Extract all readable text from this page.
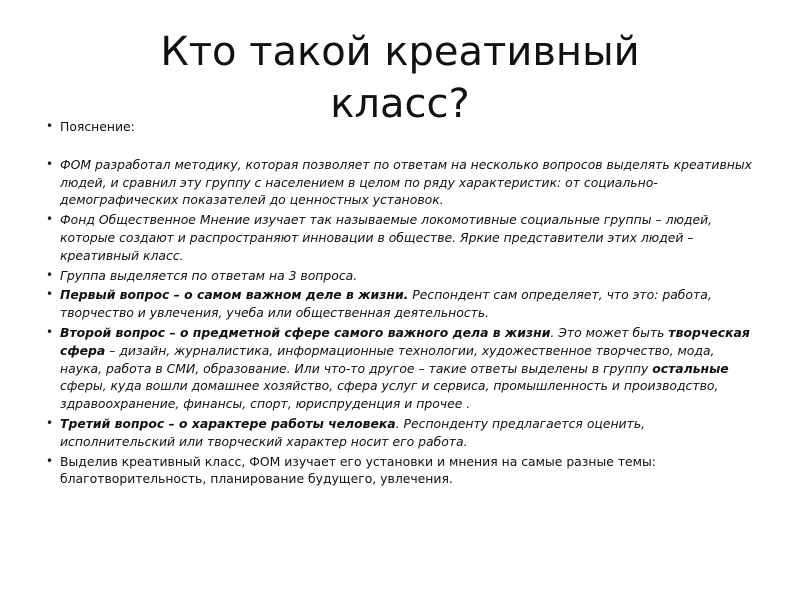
Кто такой креативный
класс?
• Пояснение:
• ФОМ разработал методику, которая позволяет по ответам на несколько вопросов выделять креативных людей, и сравнил эту группу с населением в целом по ряду характеристик: от социально-демографических показателей до ценностных установок.
• Фонд Общественное Мнение изучает так называемые локомотивные социальные группы – людей, которые создают и распространяют инновации в обществе. Яркие представители этих людей – креативный класс.
• Группа выделяется по ответам на 3 вопроса.
• Первый вопрос – о самом важном деле в жизни. Респондент сам определяет, что это: работа, творчество и увлечения, учеба или общественная деятельность.
• Второй вопрос – о предметной сфере самого важного дела в жизни. Это может быть творческая сфера – дизайн, журналистика, информационные технологии, художественное творчество, мода, наука, работа в СМИ, образование. Или что-то другое – такие ответы выделены в группу остальные сферы, куда вошли домашнее хозяйство, сфера услуг и сервиса, промышленность и производство, здравоохранение, финансы, спорт, юриспруденция и прочее .
• Третий вопрос – о характере работы человека. Респонденту предлагается оценить, исполнительский или творческий характер носит его работа.
• Выделив креативный класс, ФОМ изучает его установки и мнения на самые разные темы: благотворительность, планирование будущего, увлечения.
